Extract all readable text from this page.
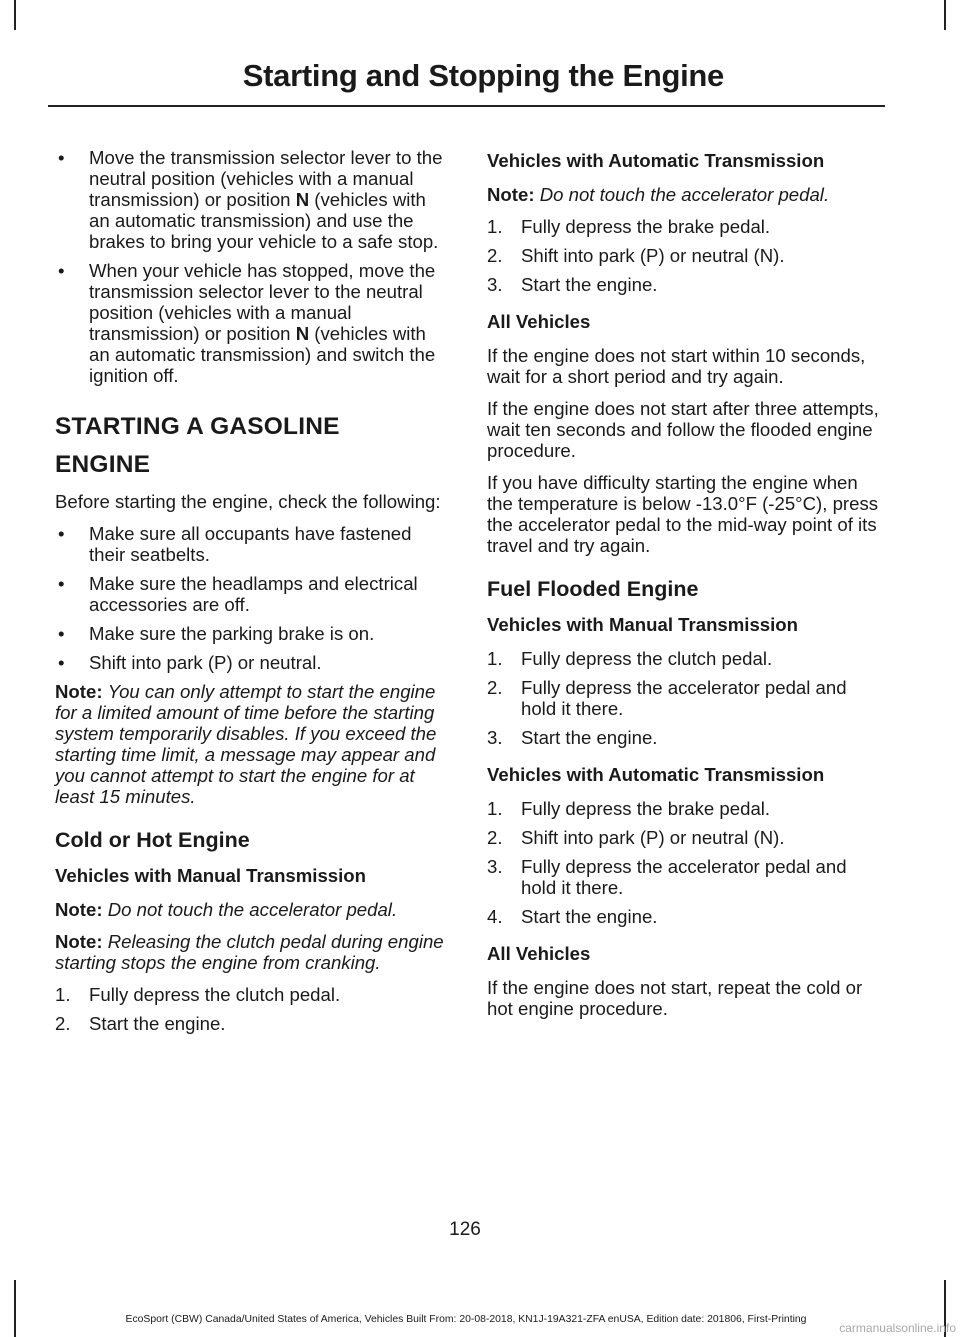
Starting and Stopping the Engine
• Move the transmission selector lever to the neutral position (vehicles with a manual transmission) or position N (vehicles with an automatic transmission) and use the brakes to bring your vehicle to a safe stop.
• When your vehicle has stopped, move the transmission selector lever to the neutral position (vehicles with a manual transmission) or position N (vehicles with an automatic transmission) and switch the ignition off.
STARTING A GASOLINE
ENGINE

Before starting the engine, check the following:

• Make sure all occupants have fastened their seatbelts.
• Make sure the headlamps and electrical accessories are off.
• Make sure the parking brake is on.
• Shift into park (P) or neutral.

Note: You can only attempt to start the engine for a limited amount of time before the starting system temporarily disables. If you exceed the starting time limit, a message may appear and you cannot attempt to start the engine for at least 15 minutes.

Cold or Hot Engine
Vehicles with Manual Transmission

Note: Do not touch the accelerator pedal.

Note: Releasing the clutch pedal during engine starting stops the engine from cranking.

1. Fully depress the clutch pedal.
2. Start the engine.
Vehicles with Automatic Transmission

Note: Do not touch the accelerator pedal.

1. Fully depress the brake pedal.
2. Shift into park (P) or neutral (N).
3. Start the engine.
All Vehicles

If the engine does not start within 10 seconds, wait for a short period and try again.

If the engine does not start after three attempts, wait ten seconds and follow the flooded engine procedure.

If you have difficulty starting the engine when the temperature is below -13.0°F (-25°C), press the accelerator pedal to the mid-way point of its travel and try again.

Fuel Flooded Engine
Vehicles with Manual Transmission
1. Fully depress the clutch pedal.
2. Fully depress the accelerator pedal and hold it there.
3. Start the engine.
Vehicles with Automatic Transmission
1. Fully depress the brake pedal.
2. Shift into park (P) or neutral (N).
3. Fully depress the accelerator pedal and hold it there.
4. Start the engine.
All Vehicles

If the engine does not start, repeat the cold or hot engine procedure.

126
EcoSport (CBW) Canada/United States of America, Vehicles Built From: 20-08-2018, KN1J-19A321-ZFA enUSA, Edition date: 201806, First-Printing
carmanualsonline.info
